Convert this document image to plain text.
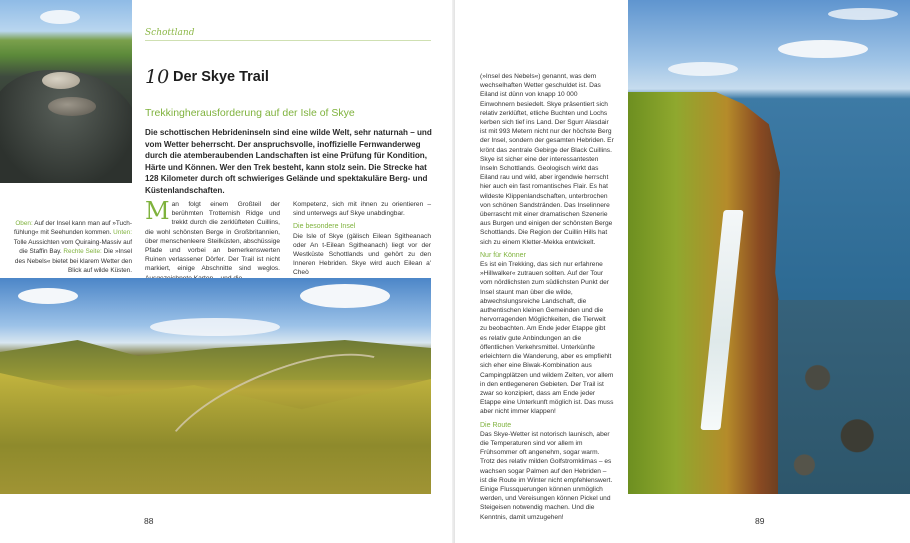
Schottland
10 Der Skye Trail
Trekkingherausforderung auf der Isle of Skye
Die schottischen Hebrideninseln sind eine wilde Welt, sehr naturnah – und vom Wetter beherrscht. Der anspruchsvolle, inoffizielle Fernwanderweg durch die atemberaubenden Landschaften ist eine Prüfung für Kondition, Härte und Können. Wer den Trek besteht, kann stolz sein. Die Strecke hat 128 Kilometer durch oft schwieriges Gelände und spektakuläre Berg- und Küstenlandschaften.
Oben: Auf der Insel kann man auf »Tuch-fühlung« mit Seehunden kommen. Unten: Tolle Aussichten vom Quiraing-Massiv auf die Staffin Bay. Rechte Seite: Die »Insel des Nebels« bietet bei klarem Wetter den Blick auf wilde Küsten.
M an folgt einem Großteil der berühmten Trotternish Ridge und trekkt durch die zerklüfteten Cuillins, die wohl schönsten Berge in Großbritannien, über menschenleere Steilküsten, abschüssige Pfade und vorbei an bemerkenswerten Ruinen verlassener Dörfer. Der Trail ist nicht markiert, einige Abschnitte sind weglos.
Kompetenz, sich mit ihnen zu orientieren – sind unterwegs auf Skye unabdingbar.
Die besondere Insel
Die Isle of Skye (gälisch Eilean Sgitheanach oder An t-Eilean Sgitheanach) liegt vor der Westküste Schottlands und gehört zu den Inneren Hebriden. Skye wird auch Eilean a' Cheò
88

(»Insel des Nebels«) genannt, was dem wechselhaften Wetter geschuldet ist. Das Eiland ist dünn von knapp 10 000 Einwohnern besiedelt. Skye präsentiert sich relativ zerklüftet, etliche Buchten und Lochs kerben sich tief ins Land. Der Sgurr Alasdair ist mit 993 Metern nicht nur der höchste Berg der Insel, sondern der gesamten Hebriden. Er krönt das zentrale Gebirge der Black Cuillins.

Skye ist sicher eine der interessantesten Inseln Schottlands. Geologisch wirkt das Eiland rau und wild, aber irgendwie herrscht hier auch ein fast romantisches Flair. Es hat wildeste Klippenlandschaften, unterbrochen von schönen Sandstränden. Das Inselinnere überrascht mit einer dramatischen Szenerie aus Burgen und einigen der schönsten Berge Schottlands. Die Region der Cuillin Hills hat sich zu einem Kletter-Mekka entwickelt.

Nur für Könner

Es ist ein Trekking, das sich nur erfahrene »Hillwalker« zutrauen sollten. Auf der Tour vom nördlichsten zum südlichsten Punkt der Insel staunt man über die wilde, abwechslungsreiche Landschaft, die authentischen kleinen Gemeinden und die hervorragenden Möglichkeiten, die Tierwelt zu beobachten. Am Ende jeder Etappe gibt es relativ gute Anbindungen an die öffentlichen Verkehrsmittel. Unterkünfte erleichtern die Wanderung, aber es empfiehlt sich eher eine Biwak-Kombination aus Campingplätzen und wildem Zelten, vor allem in den entlegeneren Gebieten. Der Trail ist zwar so konzipiert, dass am Ende jeder Etappe eine Unterkunft möglich ist. Das muss aber nicht immer klappen!

Die Route

Das Skye-Wetter ist notorisch launisch, aber die Temperaturen sind vor allem im Frühsommer oft angenehm, sogar warm. Trotz des relativ milden Golfstromklimas – es wachsen sogar Palmen auf den Hebriden – ist die Route im Winter nicht empfehlenswert. Einige Flussquerungen können unmöglich werden, und Vereisungen können Pickel und Steigeisen notwendig machen. Und die Kenntnis, damit umzugehen!	89
